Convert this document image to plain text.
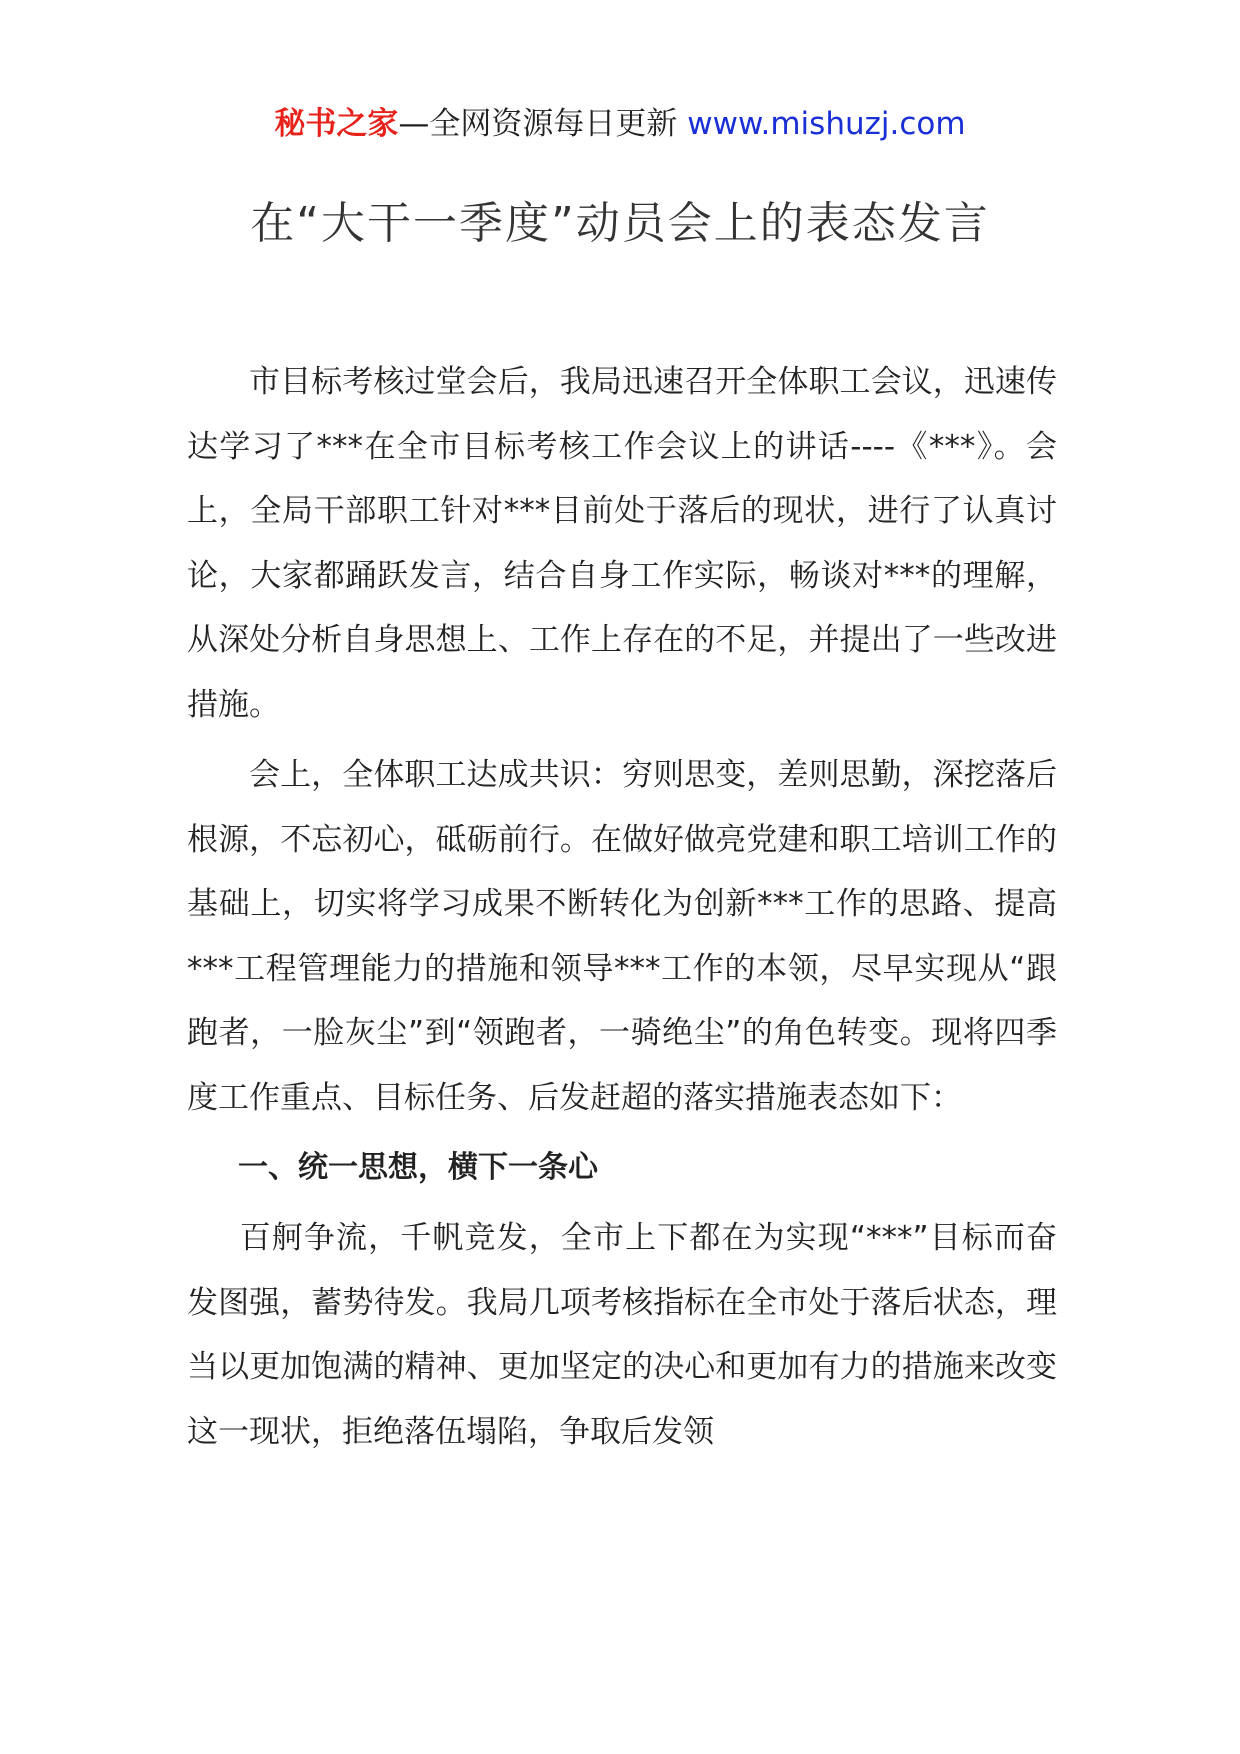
秘书之家—全网资源每日更新 www.mishuzj.com
在“大干一季度”动员会上的表态发言

市目标考核过堂会后，我局迅速召开全体职工会议，迅速传达学习了***在全市目标考核工作会议上的讲话----《***》。会上，全局干部职工针对***目前处于落后的现状，进行了认真讨论，大家都踊跃发言，结合自身工作实际，畅谈对***的理解，从深处分析自身思想上、工作上存在的不足，并提出了一些改进措施。

会上，全体职工达成共识：穷则思变，差则思勤，深挖落后根源，不忘初心，砥砺前行。在做好做亮党建和职工培训工作的基础上，切实将学习成果不断转化为创新***工作的思路、提高***工程管理能力的措施和领导***工作的本领，尽早实现从“跟跑者，一脸灰尘”到“领跑者，一骑绝尘”的角色转变。现将四季度工作重点、目标任务、后发赶超的落实措施表态如下：

一、统一思想，横下一条心

百舸争流，千帆竞发，全市上下都在为实现“***”目标而奋发图强，蓄势待发。我局几项考核指标在全市处于落后状态，理当以更加饱满的精神、更加坚定的决心和更加有力的措施来改变这一现状，拒绝落伍塌陷，争取后发领
